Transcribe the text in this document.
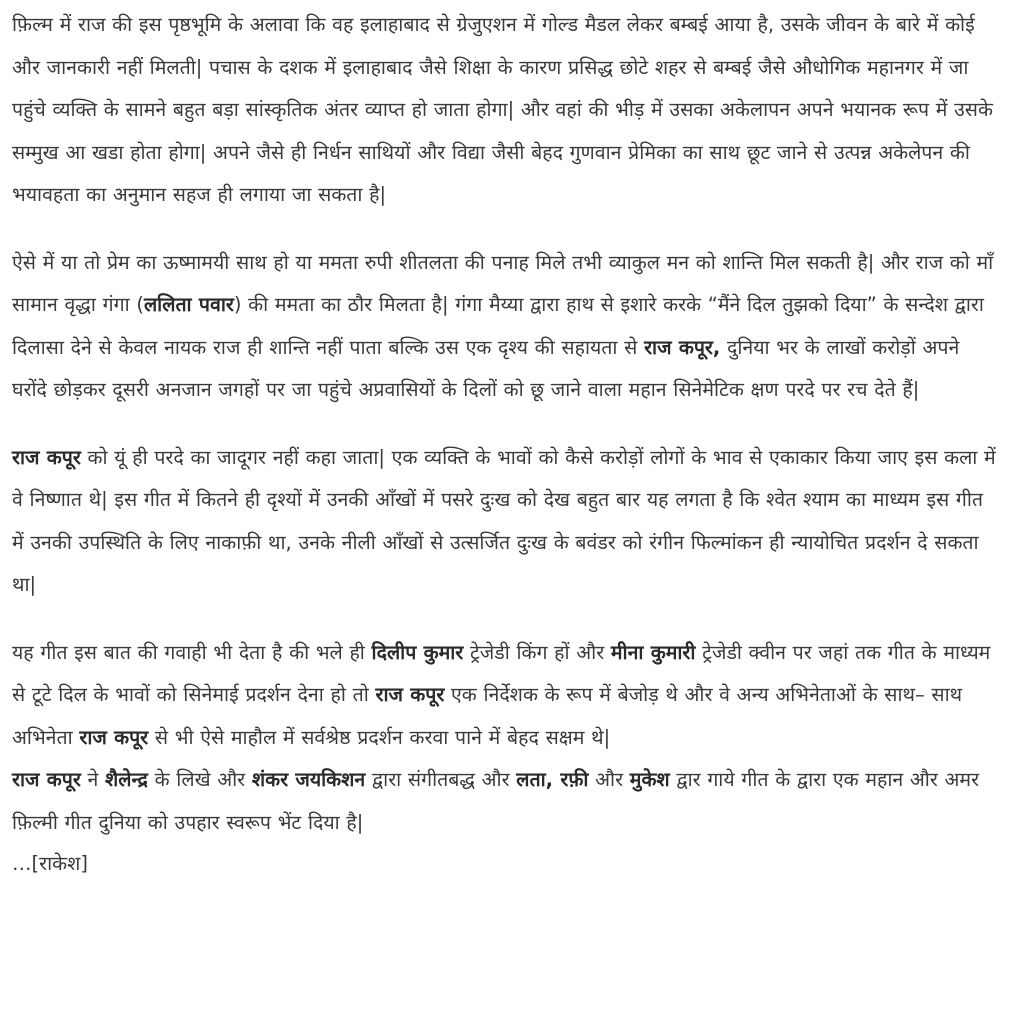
फ़िल्म में राज की इस पृष्ठभूमि के अलावा कि वह इलाहाबाद से ग्रेजुएशन में गोल्ड मैडल लेकर बम्बई आया है, उसके जीवन के बारे में कोई और जानकारी नहीं मिलती| पचास के दशक में इलाहाबाद जैसे शिक्षा के कारण प्रसिद्ध छोटे शहर से बम्बई जैसे औधोगिक महानगर में जा पहुंचे व्यक्ति के सामने बहुत बड़ा सांस्कृतिक अंतर व्याप्त हो जाता होगा| और वहां की भीड़ में उसका अकेलापन अपने भयानक रूप में उसके सम्मुख आ खडा होता होगा| अपने जैसे ही निर्धन साथियों और विद्या जैसी बेहद गुणवान प्रेमिका का साथ छूट जाने से उत्पन्न अकेलेपन की भयावहता का अनुमान सहज ही लगाया जा सकता है|

ऐसे में या तो प्रेम का ऊष्मामयी साथ हो या ममता रुपी शीतलता की पनाह मिले तभी व्याकुल मन को शान्ति मिल सकती है| और राज को माँ सामान वृद्धा गंगा (ललिता पवार) की ममता का ठौर मिलता है| गंगा मैय्या द्वारा हाथ से इशारे करके “मैंने दिल तुझको दिया” के सन्देश द्वारा दिलासा देने से केवल नायक राज ही शान्ति नहीं पाता बल्कि उस एक दृश्य की सहायता से राज कपूर, दुनिया भर के लाखों करोड़ों अपने घरोंदे छोड़कर दूसरी अनजान जगहों पर जा पहुंचे अप्रवासियों के दिलों को छू जाने वाला महान सिनेमेटिक क्षण परदे पर रच देते हैं|

राज कपूर को यूं ही परदे का जादूगर नहीं कहा जाता| एक व्यक्ति के भावों को कैसे करोड़ों लोगों के भाव से एकाकार किया जाए इस कला में वे निष्णात थे| इस गीत में कितने ही दृश्यों में उनकी आँखों में पसरे दुःख को देख बहुत बार यह लगता है कि श्वेत श्याम का माध्यम इस गीत में उनकी उपस्थिति के लिए नाकाफ़ी था, उनके नीली आँखों से उत्सर्जित दुःख के बवंडर को रंगीन फिल्मांकन ही न्यायोचित प्रदर्शन दे सकता था|

यह गीत इस बात की गवाही भी देता है की भले ही दिलीप कुमार ट्रेजेडी किंग हों और मीना कुमारी ट्रेजेडी क्वीन पर जहां तक गीत के माध्यम से टूटे दिल के भावों को सिनेमाई प्रदर्शन देना हो तो राज कपूर एक निर्देशक के रूप में बेजोड़ थे और वे अन्य अभिनेताओं के साथ– साथ अभिनेता राज कपूर से भी ऐसे माहौल में सर्वश्रेष्ठ प्रदर्शन करवा पाने में बेहद सक्षम थे|

राज कपूर ने शैलेन्द्र के लिखे और शंकर जयकिशन द्वारा संगीतबद्ध और लता, रफ़ी और मुकेश द्वार गाये गीत के द्वारा एक महान और अमर फ़िल्मी गीत दुनिया को उपहार स्वरूप भेंट दिया है|

…[राकेश]
